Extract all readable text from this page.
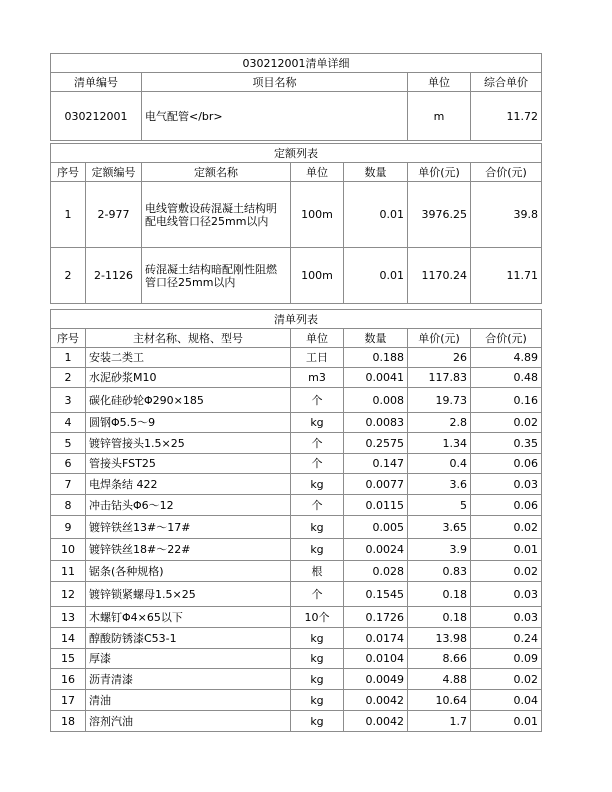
030212001清单详细			
清单编号	项目名称	单位	综合单价
030212001	电气配管</br>	m	11.72
定额列表						
序号	定额编号	定额名称	单位	数量	单价(元)	合价(元)
1	2-977	电线管敷设砖混凝土结构明配电线管口径25mm以内	100m	0.01	3976.25	39.8
2	2-1126	砖混凝土结构暗配刚性阻燃管口径25mm以内	100m	0.01	1170.24	11.71
清单列表					
序号	主材名称、规格、型号	单位	数量	单价(元)	合价(元)
1	安装二类工	工日	0.188	26	4.89
2	水泥砂浆M10	m3	0.0041	117.83	0.48
3	碳化硅砂轮Φ290×185	个	0.008	19.73	0.16
4	圆钢Φ5.5～9	kg	0.0083	2.8	0.02
5	镀锌管接头1.5×25	个	0.2575	1.34	0.35
6	管接头FST25	个	0.147	0.4	0.06
7	电焊条结 422	kg	0.0077	3.6	0.03
8	冲击钻头Φ6～12	个	0.0115	5	0.06
9	镀锌铁丝13#～17#	kg	0.005	3.65	0.02
10	镀锌铁丝18#～22#	kg	0.0024	3.9	0.01
11	锯条(各种规格)	根	0.028	0.83	0.02
12	镀锌锁紧螺母1.5×25	个	0.1545	0.18	0.03
13	木螺钉Φ4×65以下	10个	0.1726	0.18	0.03
14	醇酸防锈漆C53-1	kg	0.0174	13.98	0.24
15	厚漆	kg	0.0104	8.66	0.09
16	沥青清漆	kg	0.0049	4.88	0.02
17	清油	kg	0.0042	10.64	0.04
18	溶剂汽油	kg	0.0042	1.7	0.01
